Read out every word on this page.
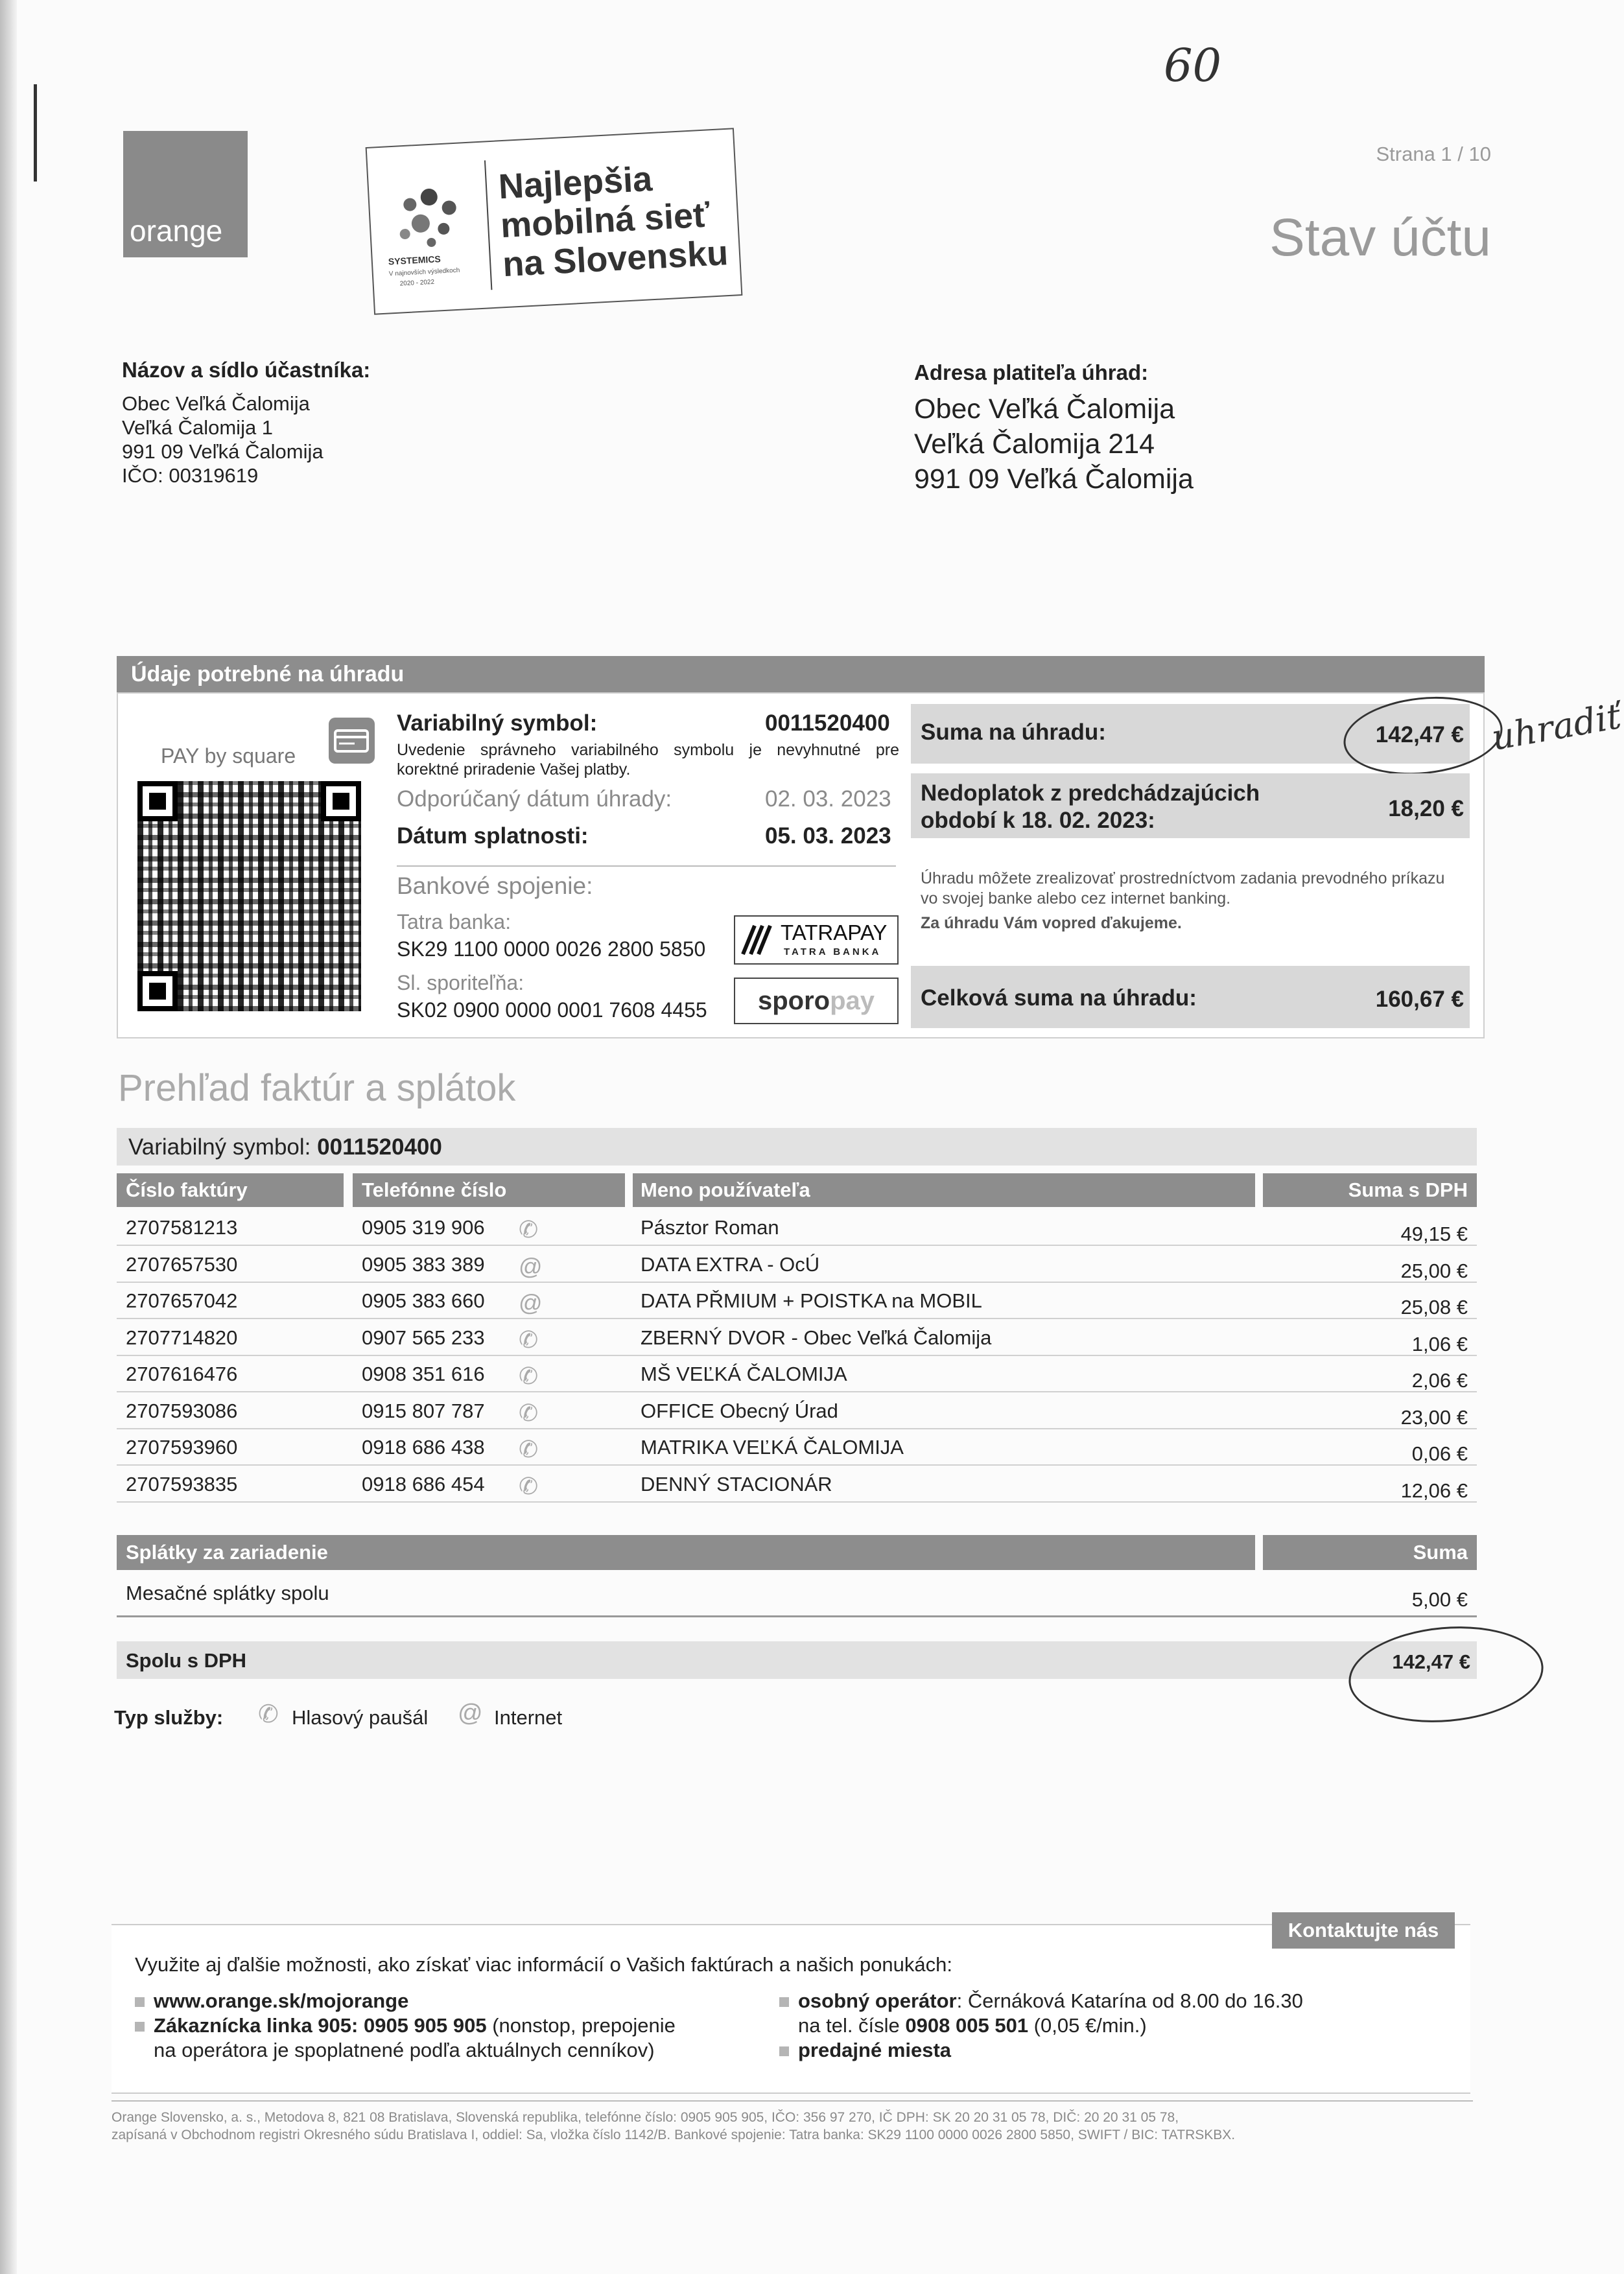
60
orange
SYSTEMICS
V najnovších výsledkoch
2020 - 2022
Najlepšia
mobilná sieť
na Slovensku
Strana 1 / 10
Stav účtu
Názov a sídlo účastníka:
Obec Veľká Čalomija
Veľká Čalomija 1
991 09 Veľká Čalomija
IČO: 00319619
Adresa platiteľa úhrad:
Obec Veľká Čalomija
Veľká Čalomija 214
991 09 Veľká Čalomija
Údaje potrebné na úhradu
PAY by square
Variabilný symbol:	0011520400
Uvedenie správneho variabilného symbolu je nevyhnutné pre korektné priradenie Vašej platby.
Odporúčaný dátum úhrady:	02. 03. 2023
Dátum splatnosti:	05. 03. 2023
Bankové spojenie:
Tatra banka:
SK29 1100 0000 0026 2800 5850
TATRAPAY
TATRA BANKA
Sl. sporiteľňa:
SK02 0900 0000 0001 7608 4455	sporopay
Suma na úhradu:	142,47 € uhradiť
Nedoplatok z predchádzajúcich
období k 18. 02. 2023:	18,20 €
Úhradu môžete zrealizovať prostredníctvom zadania prevodného príkazu vo svojej banke alebo cez internet banking.
Za úhradu Vám vopred ďakujeme.
Celková suma na úhradu:	160,67 €
Prehľad faktúr a splátok
Variabilný symbol: 0011520400
Číslo faktúry	Telefónne číslo	Meno používateľa	Suma s DPH
2707581213	0905 319 906	Pásztor Roman	49,15 €
✆
2707657530	0905 383 389	DATA EXTRA - OcÚ	25,00 €
@
2707657042	0905 383 660	DATA PŘMIUM + POISTKA na MOBIL	25,08 €
@
2707714820	0907 565 233	ZBERNÝ DVOR - Obec Veľká Čalomija	1,06 €
✆
2707616476	0908 351 616	MŠ VEĽKÁ ČALOMIJA	2,06 €
✆
2707593086	0915 807 787	OFFICE Obecný Úrad	23,00 €
✆
2707593960	0918 686 438	MATRIKA VEĽKÁ ČALOMIJA	0,06 €
✆
2707593835	0918 686 454	DENNÝ STACIONÁR	12,06 €
✆
Splátky za zariadenie	Suma
Mesačné splátky spolu	5,00 €
Spolu s DPH	142,47 €
Typ služby: ✆ Hlasový paušál @ Internet
Kontaktujte nás
Využite aj ďalšie možnosti, ako získať viac informácií o Vašich faktúrach a našich ponukách:
www.orange.sk/mojorange
Zákaznícka linka 905: 0905 905 905 (nonstop, prepojenie
na operátora je spoplatnené podľa aktuálnych cenníkov)
osobný operátor: Černáková Katarína od 8.00 do 16.30
na tel. čísle 0908 005 501 (0,05 €/min.)
predajné miesta
Orange Slovensko, a. s., Metodova 8, 821 08 Bratislava, Slovenská republika, telefónne číslo: 0905 905 905, IČO: 356 97 270, IČ DPH: SK 20 20 31 05 78, DIČ: 20 20 31 05 78,
zapísaná v Obchodnom registri Okresného súdu Bratislava I, oddiel: Sa, vložka číslo 1142/B. Bankové spojenie: Tatra banka: SK29 1100 0000 0026 2800 5850, SWIFT / BIC: TATRSKBX.
